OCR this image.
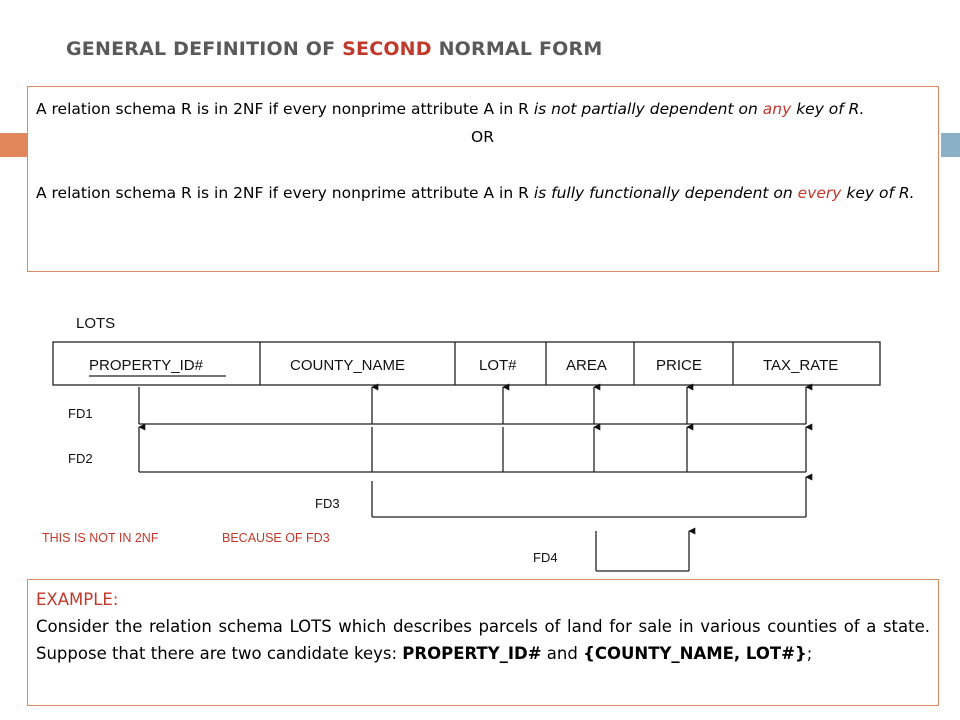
GENERAL DEFINITION OF SECOND NORMAL FORM

A relation schema R is in 2NF if every nonprime attribute A in R is not partially dependent on any key of R.

OR

A relation schema R is in 2NF if every nonprime attribute A in R is fully functionally dependent on every key of R.

LOTS
PROPERTY_ID#	COUNTY_NAME	LOT#	AREA	PRICE	TAX_RATE
FD1
FD2
FD3
FD4
THIS IS NOT IN 2NF	BECAUSE OF FD3

EXAMPLE:

Consider the relation schema LOTS which describes parcels of land for sale in various counties of a state. Suppose that there are two candidate keys: PROPERTY_ID# and {COUNTY_NAME, LOT#};
